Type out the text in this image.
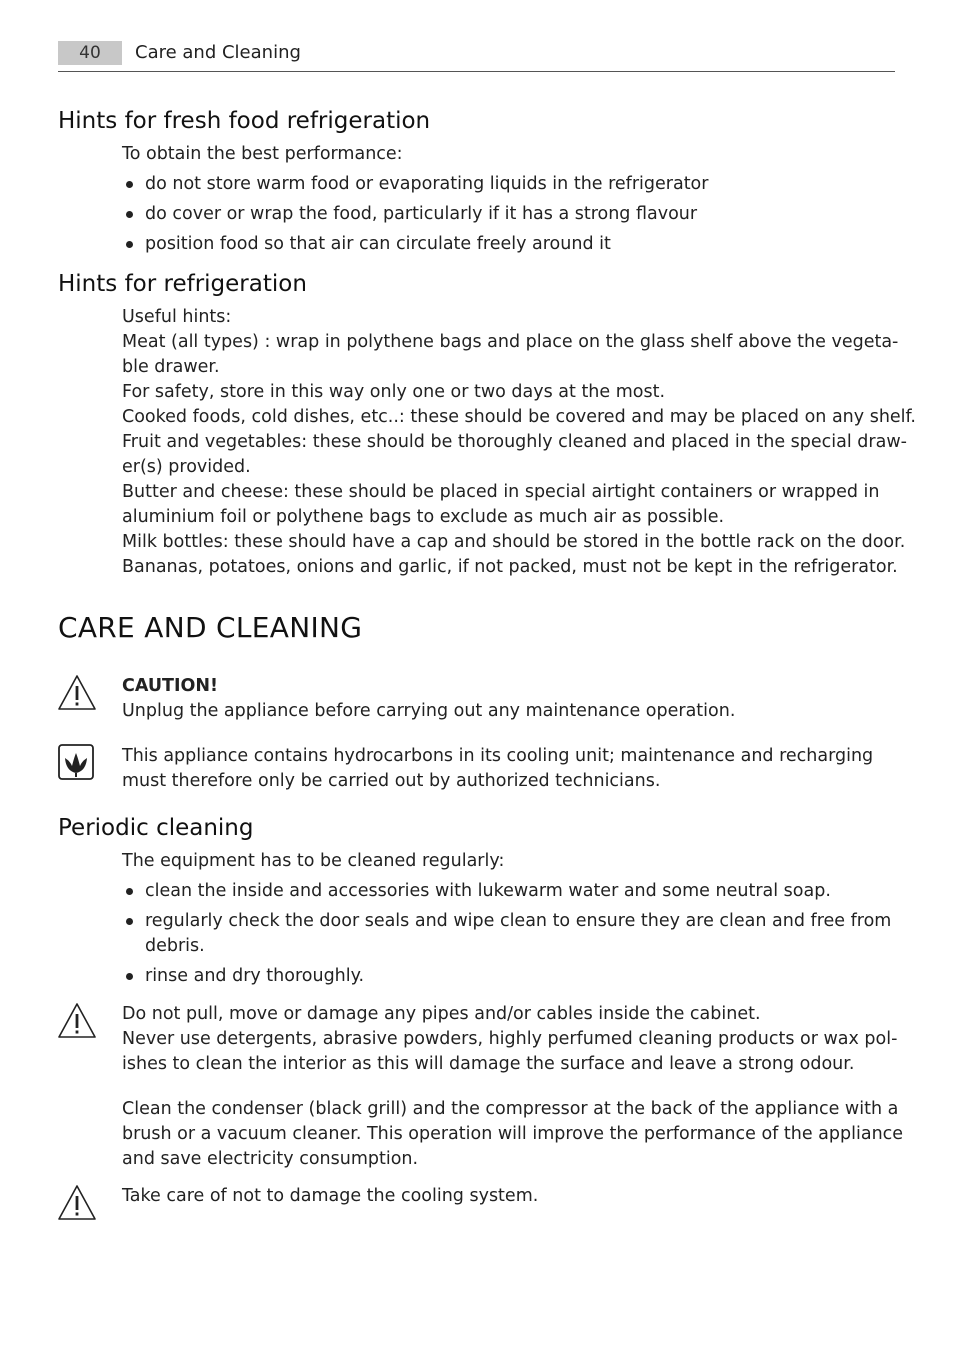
40	Care and Cleaning
Hints for fresh food refrigeration

To obtain the best performance:

do not store warm food or evaporating liquids in the refrigerator
do cover or wrap the food, particularly if it has a strong flavour
position food so that air can circulate freely around it
Hints for refrigeration

Useful hints:

Meat (all types) : wrap in polythene bags and place on the glass shelf above the vegeta-

ble drawer.

For safety, store in this way only one or two days at the most.

Cooked foods, cold dishes, etc..: these should be covered and may be placed on any shelf.

Fruit and vegetables: these should be thoroughly cleaned and placed in the special draw-

er(s) provided.

Butter and cheese: these should be placed in special airtight containers or wrapped in

aluminium foil or polythene bags to exclude as much air as possible.

Milk bottles: these should have a cap and should be stored in the bottle rack on the door.

Bananas, potatoes, onions and garlic, if not packed, must not be kept in the refrigerator.

CARE AND CLEANING

CAUTION!

Unplug the appliance before carrying out any maintenance operation.

This appliance contains hydrocarbons in its cooling unit; maintenance and recharging

must therefore only be carried out by authorized technicians.

Periodic cleaning

The equipment has to be cleaned regularly:

clean the inside and accessories with lukewarm water and some neutral soap.
regularly check the door seals and wipe clean to ensure they are clean and free from
debris.
rinse and dry thoroughly.

Do not pull, move or damage any pipes and/or cables inside the cabinet.

Never use detergents, abrasive powders, highly perfumed cleaning products or wax pol-

ishes to clean the interior as this will damage the surface and leave a strong odour.

Clean the condenser (black grill) and the compressor at the back of the appliance with a

brush or a vacuum cleaner. This operation will improve the performance of the appliance

and save electricity consumption.

Take care of not to damage the cooling system.
